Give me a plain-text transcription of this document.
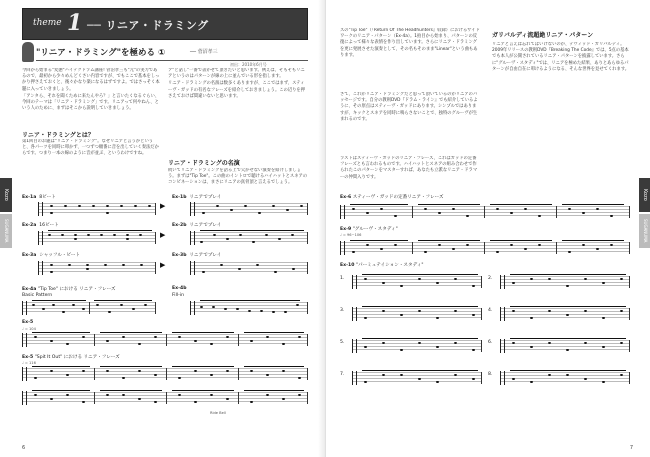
theme 1 ── リニア・ドラミング
"リニア・ドラミング"を極める ①	── 菅沼孝三
初出：2010年6月号

今回から始まる"変態"ハイテクドラム講座! 菅沼孝三も"元"の実力であるので、最初から少々めんどくさい内容ですが、でもここで基本をしっかり押さえておくと、後々かなり楽になるはずですよ。ではさっそく本題に入っていきましょう。

「アンタら、それを聞くために来たんやろ？」と言いたくなるぐらい、今回のテーマは「リニア・ドラミング」です。リニアって何やねん、という人のために、まずはそこから説明していきましょう。

リニア・ドラミングとは？

第1回目のお題は"リニア・ドラミング"。なぜリニアと言うかというと、各パーツを同時に叩かず、一つずつ順番に音を出していく奏法だからです。つまり一本の線のように音が並ぶ、というわけですね。

ア"と話し"一番で書かせて頂きたいと思います。例えば、そもそもリニアというのはパターンが線の上に並んでいる形を指します。

リニア・ドラミングの名演は数多くありますが、ここではまず、スティーヴ・ガッドの有名なフレーズを紹介しておきましょう。この辺りを押さえておけば間違いないと思います。

リニア・ドラミングの名演
続いてリニア・ドラミングを語る上で欠かせない演奏を紹介しましょう。まずは"Tip Toe"。この曲のイントロで聴けるハイハットとスネアのコンビネーションは、まさにリニアの真骨頂と言えるでしょう。
Ex-1a 8ビート
▶
Ex-1b リニアでプレイ
Ex-2a 16ビート
▶
Ex-2b リニアでプレイ
Ex-3a シャッフル・ビート
▶
Ex-3b リニアでプレイ
Ex-4a "Tip Toe" における リニア・フレーズ
Basic Pattern
Ex-4b
Fill-in
Ex-5
♩ = 104
Ex-5 "Spit It Out" における リニア・フレーズ
♩ = 116
Ride Bell
Kozo
SUGANUMA
6
ズの"Tip Toe"（『Return Of The Headhunters』収録）におけるサイドワークのリニア・パターン（Ex-4a）。1拍目から始まり、パターンの反復によって様々な表情を作り出しています。さらにリニア・ドラミングを更に発展させた演奏として、その名もそのまま"Linear"という曲もあります。
さて、これがリニア・ドラミングだと思って頂いているのがリニアのパッセージです。自分の教則DVD『ドラム・ライン』でも紹介しているように、その原点はスティーヴ・ガッドにあります。シンプルではありますが、キックとスネアを同時に鳴らさないことで、独特のグルーヴが生まれるのです。
ラストはスティーヴ・ガッドのリニア・フレーズ、これはガッドの定番フレーズとも言われるものです。ハイハットとスネアの組み合わせで作られたこのパターンをマスターすれば、あなたも立派なリニア・ドラマーの仲間入りです。
ガリバルディ流超絶リニア・パターン
リニアと言えば忘れてはいけないのが、デヴィッド・ガリバルディ。2009年リリースの教則DVD『Breaking The Code』では、5点の基本でも本人が公開されているリニア・パターンを披露しています。さらに"グルーヴ・スタディ"では、リニアを極めた結果、ありとあらゆるパターンが自由自在に叩けるようになる、そんな世界を見せてくれます。
Ex-6 スティーヴ・ガッドの定番リニア・フレーズ
Ex-9 "グルーヴ・スタディ"
♩ = 96~106
Ex-10 "パーミュテイション・スタディ"
1.	2.
3.	4.
5.	6.
7.	8.
Kozo
SUGANUMA
7
